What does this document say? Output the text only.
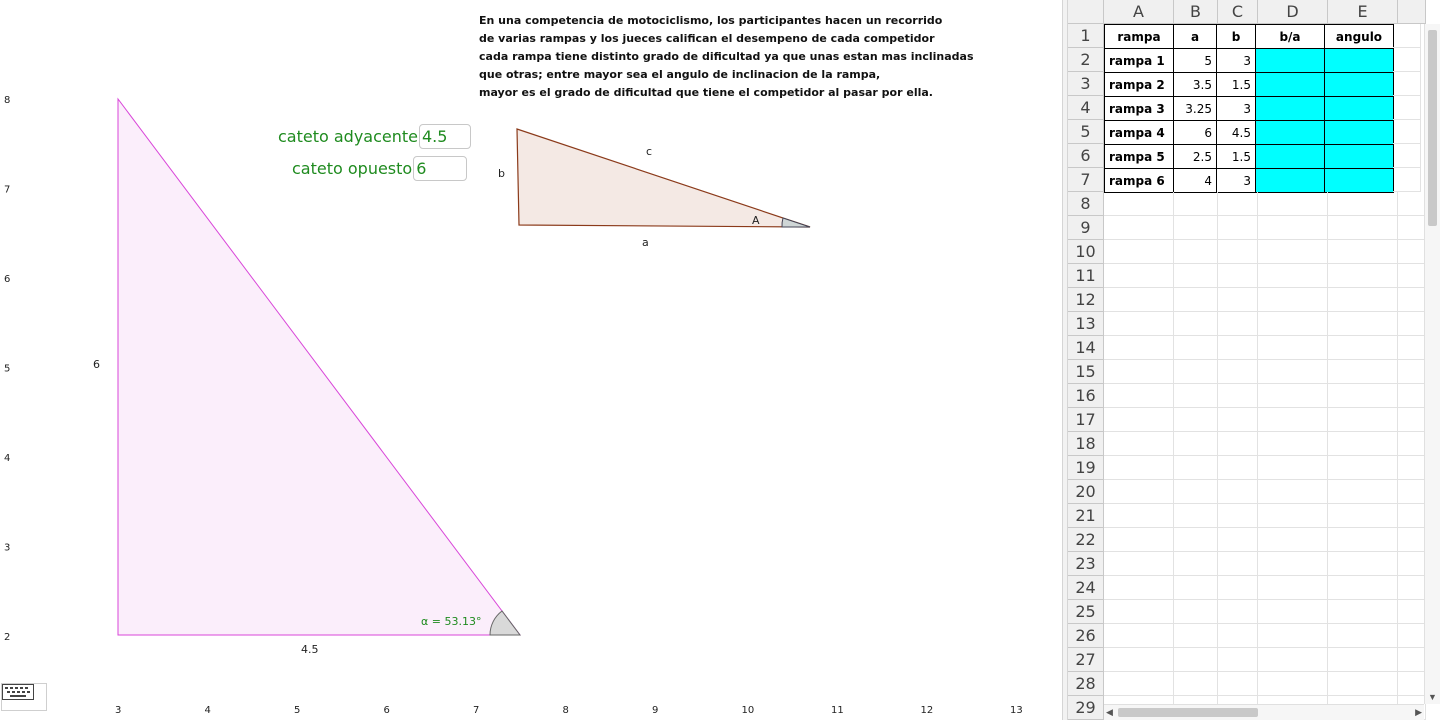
3	4	5	6	7	8	9	10	11	12	13
8
7
6
5
4
3
2
α = 53.13°
4.5
6
a
b
c
A
En una competencia de motociclismo, los participantes hacen un recorrido
de varias rampas y los jueces califican el desempeno de cada competidor
cada rampa tiene distinto grado de dificultad ya que unas estan mas inclinadas
que otras; entre mayor sea el angulo de inclinacion de la rampa,
mayor es el grado de dificultad que tiene el competidor al pasar por ella.
cateto adyacente 4.5
cateto opuesto 6
A	B	C	D	E
1	rampa	a	b	b/a	angulo
2	rampa 1	5	3
3	rampa 2	3.5	1.5
4	rampa 3	3.25	3
5	rampa 4	6	4.5
6	rampa 5	2.5	1.5
7	rampa 6	4	3
8
9
10
11
12
13
14
15
16
17
18
19
20
21
22
23
24
25
26
27
28
29
▼
◀	▶
